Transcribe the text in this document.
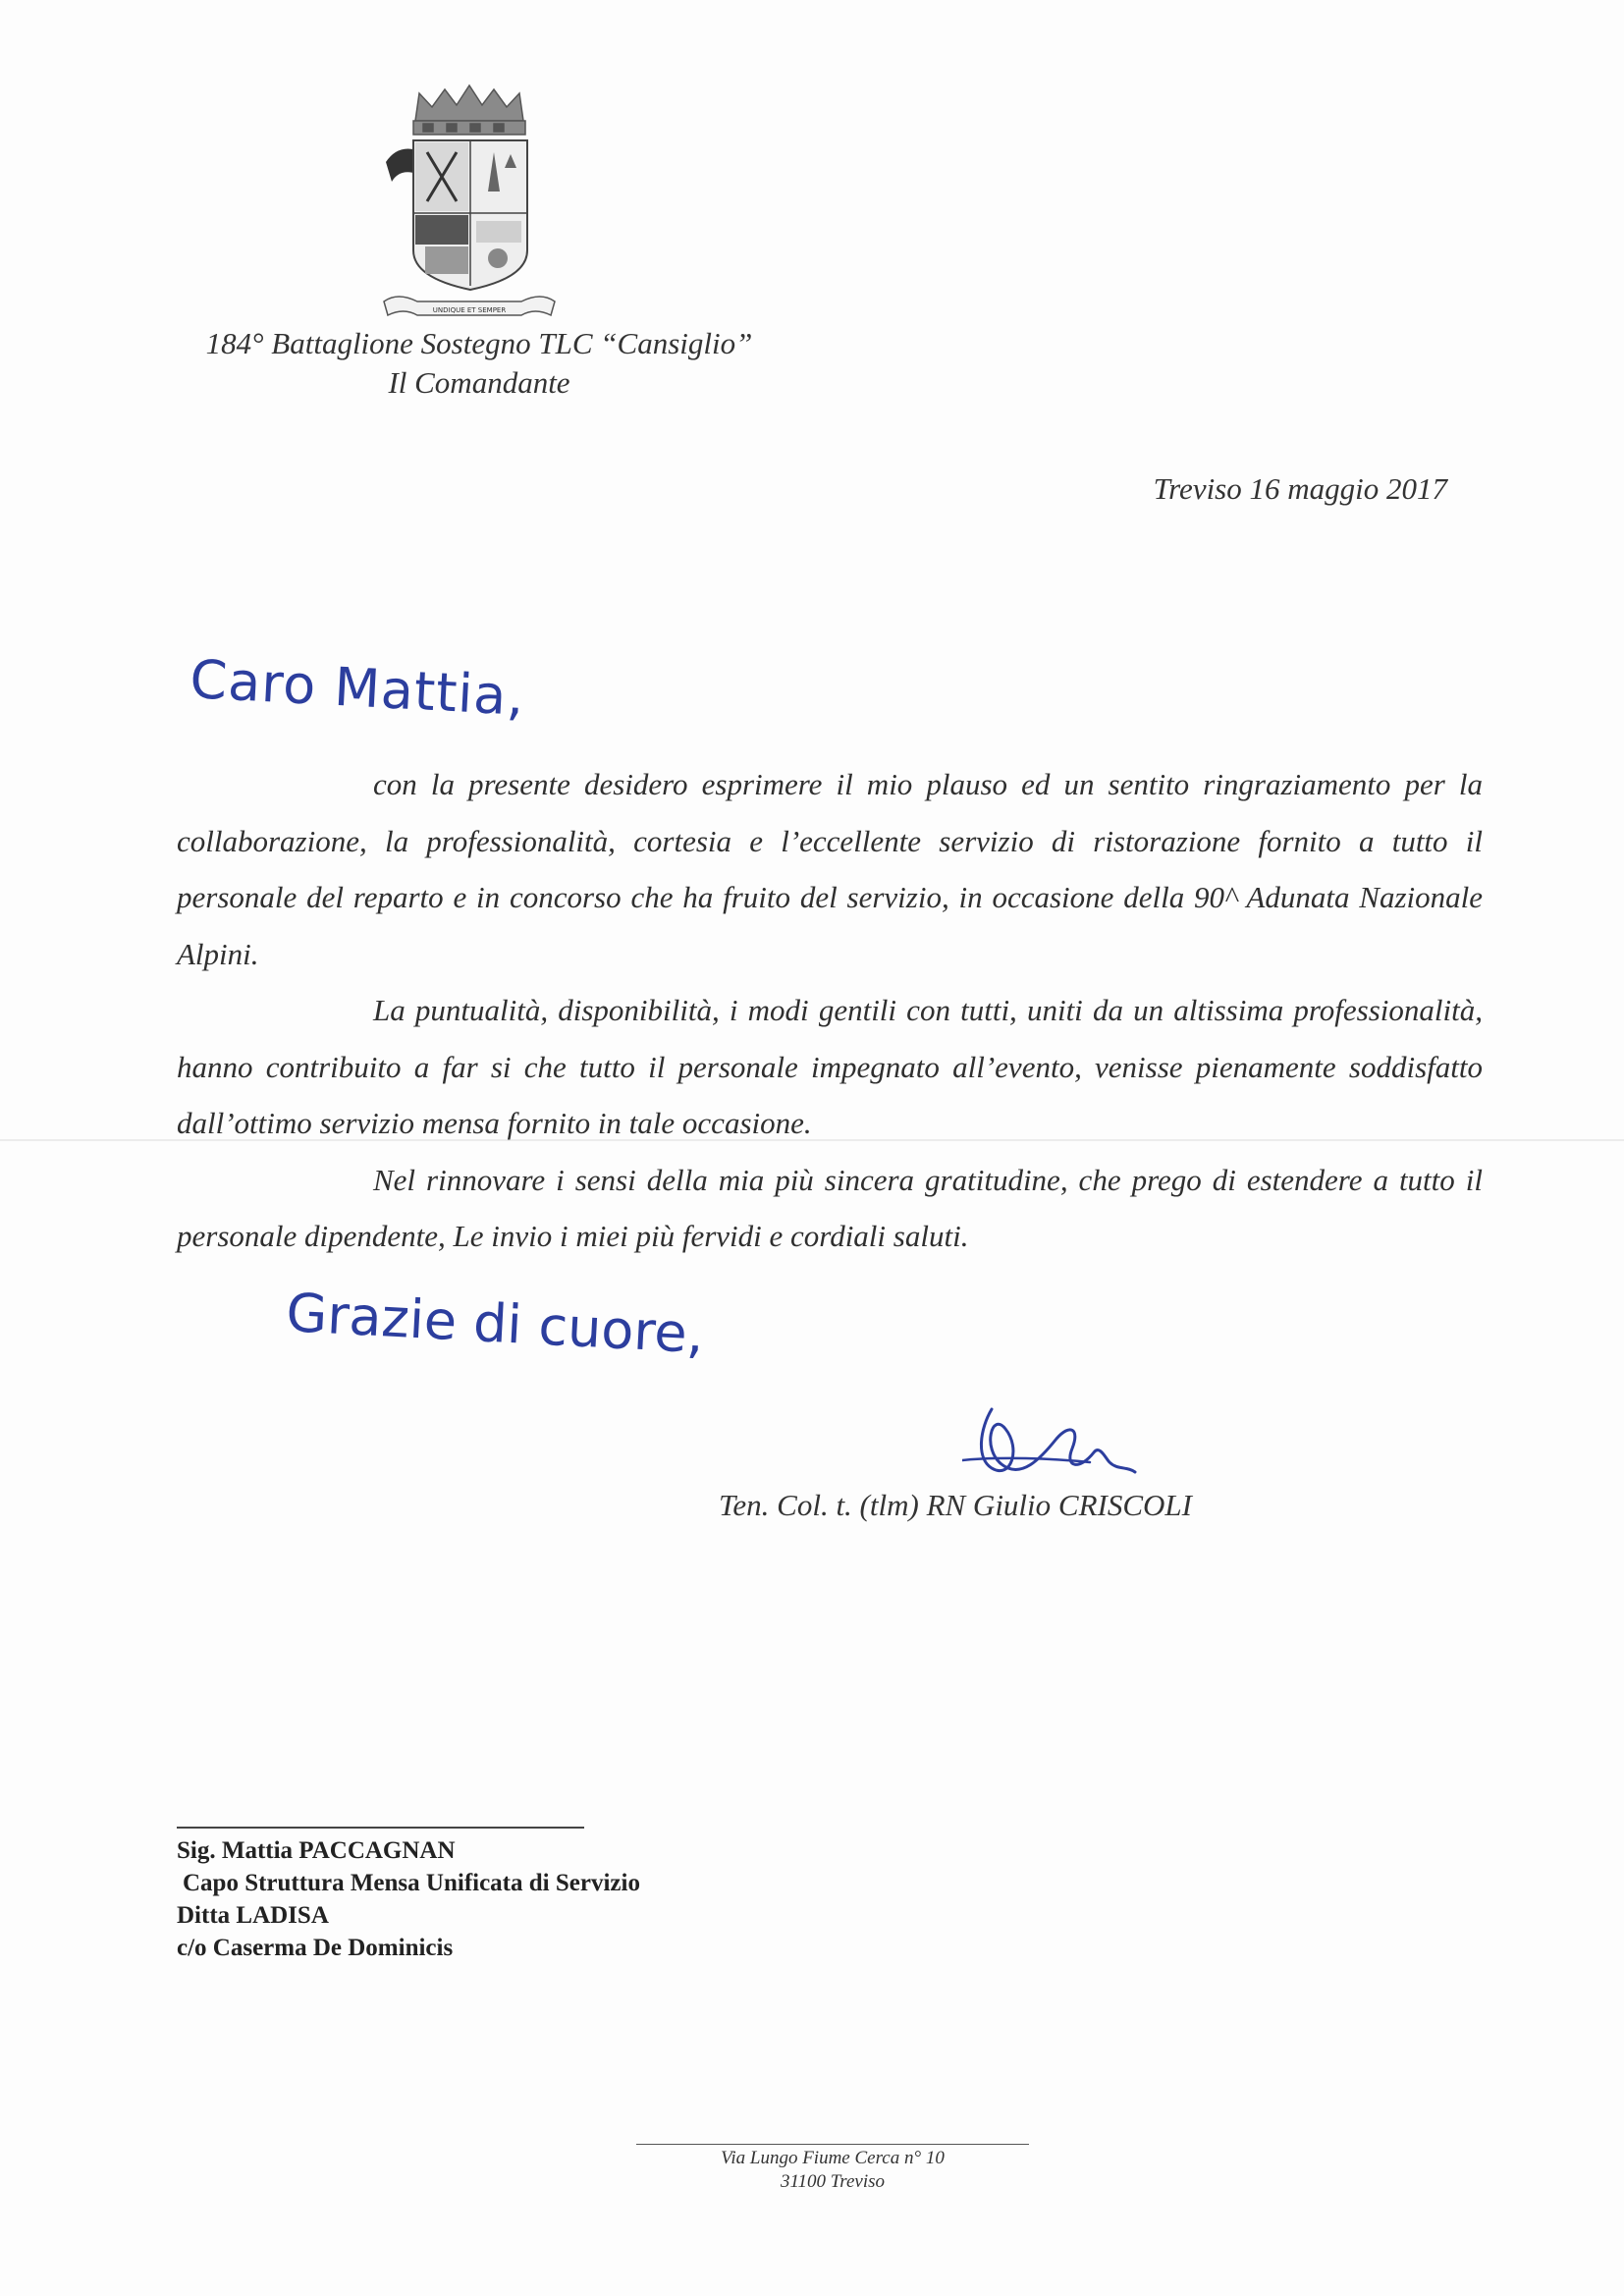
UNDIQUE ET SEMPER
184° Battaglione Sostegno TLC “Cansiglio”
Il Comandante
Treviso 16 maggio 2017
Caro Mattia,

con la presente desidero esprimere il mio plauso ed un sentito ringraziamento per la collaborazione, la professionalità, cortesia e l’eccellente servizio di ristorazione fornito a tutto il personale del reparto e in concorso che ha fruito del servizio, in occasione della 90^ Adunata Nazionale Alpini.

La puntualità, disponibilità, i modi gentili con tutti, uniti da un altissima professionalità, hanno contribuito a far si che tutto il personale impegnato all’evento, venisse pienamente soddisfatto dall’ottimo servizio mensa fornito in tale occasione.

Nel rinnovare i sensi della mia più sincera gratitudine, che prego di estendere a tutto il personale dipendente, Le invio i miei più fervidi e cordiali saluti.

Grazie di cuore,
Ten. Col. t. (tlm) RN Giulio CRISCOLI
Sig. Mattia PACCAGNAN
Capo Struttura Mensa Unificata di Servizio
Ditta LADISA
c/o Caserma De Dominicis
Via Lungo Fiume Cerca n° 10
31100 Treviso
